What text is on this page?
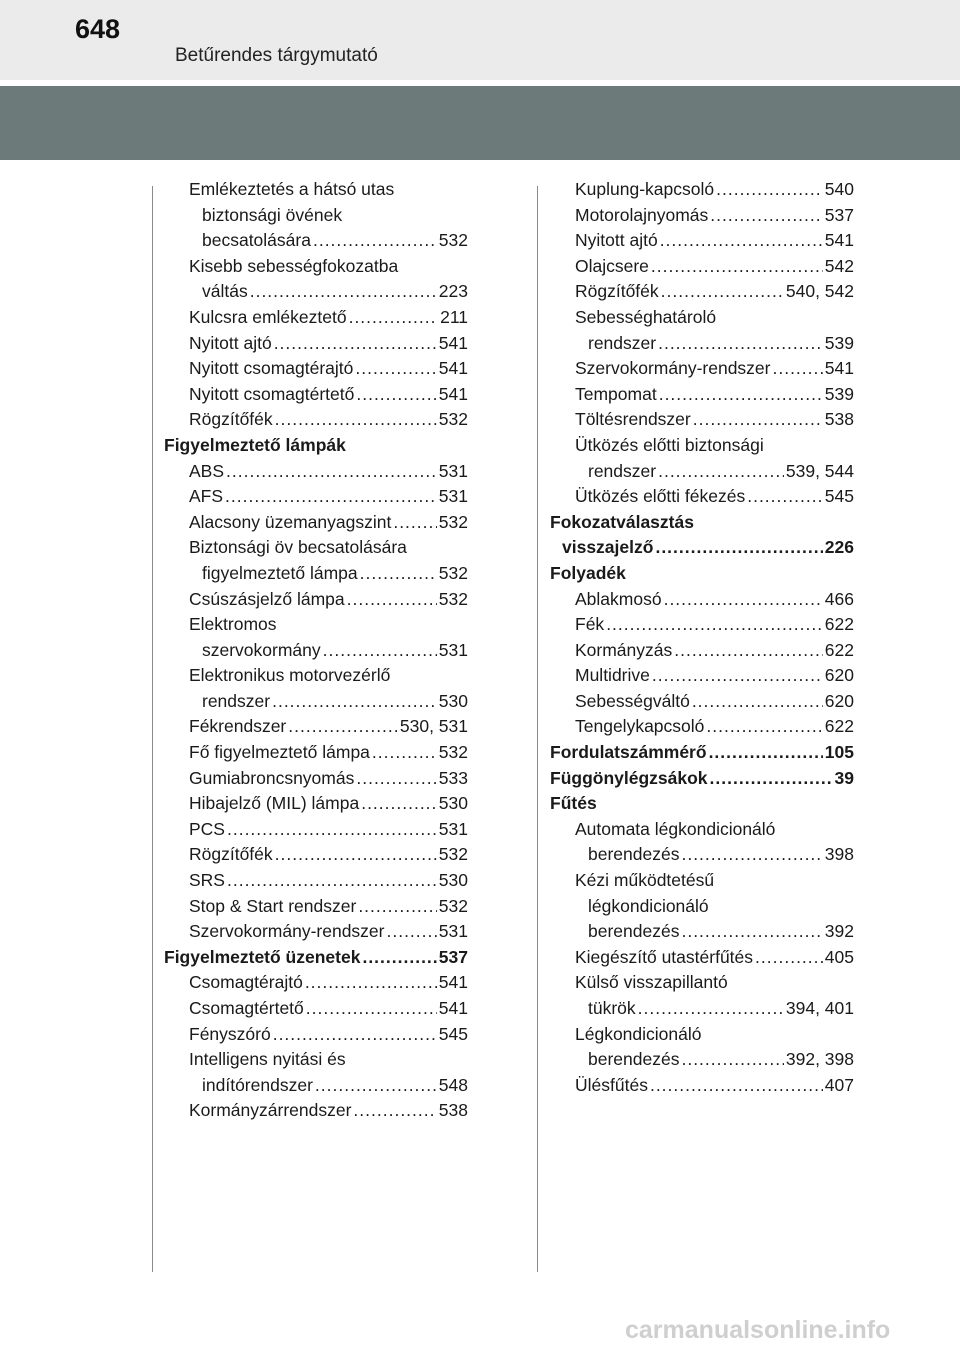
648
Betűrendes tárgymutató
Emlékeztetés a hátsó utas
biztonsági övének
becsatolására .....	532
Kisebb sebességfokozatba
váltás .....	223
Kulcsra emlékeztető .....	211
Nyitott ajtó .....	541
Nyitott csomagtérajtó .....	541
Nyitott csomagtértető .....	541
Rögzítőfék .....	532
Figyelmeztető lámpák
ABS .....	531
AFS .....	531
Alacsony üzemanyagszint .....	532
Biztonsági öv becsatolására
figyelmeztető lámpa .....	532
Csúszásjelző lámpa .....	532
Elektromos
szervokormány .....	531
Elektronikus motorvezérlő
rendszer .....	530
Fékrendszer .....	530, 531
Fő figyelmeztető lámpa .....	532
Gumiabroncsnyomás .....	533
Hibajelző (MIL) lámpa .....	530
PCS .....	531
Rögzítőfék .....	532
SRS .....	530
Stop & Start rendszer .....	532
Szervokormány-rendszer .....	531
Figyelmeztető üzenetek .....	537
Csomagtérajtó .....	541
Csomagtértető .....	541
Fényszóró .....	545
Intelligens nyitási és
indítórendszer .....	548
Kormányzárrendszer .....	538
Kuplung-kapcsoló .....	540
Motorolajnyomás .....	537
Nyitott ajtó .....	541
Olajcsere .....	542
Rögzítőfék .....	540, 542
Sebességhatároló
rendszer .....	539
Szervokormány-rendszer .....	541
Tempomat .....	539
Töltésrendszer .....	538
Ütközés előtti biztonsági
rendszer .....	539, 544
Ütközés előtti fékezés .....	545
Fokozatválasztás
visszajelző .....	226
Folyadék
Ablakmosó .....	466
Fék .....	622
Kormányzás .....	622
Multidrive .....	620
Sebességváltó .....	620
Tengelykapcsoló .....	622
Fordulatszámmérő .....	105
Függönylégzsákok .....	39
Fűtés
Automata légkondicionáló
berendezés .....	398
Kézi működtetésű
légkondicionáló
berendezés .....	392
Kiegészítő utastérfűtés .....	405
Külső visszapillantó
tükrök .....	394, 401
Légkondicionáló
berendezés .....	392, 398
Ülésfűtés .....	407
carmanualsonline.info
